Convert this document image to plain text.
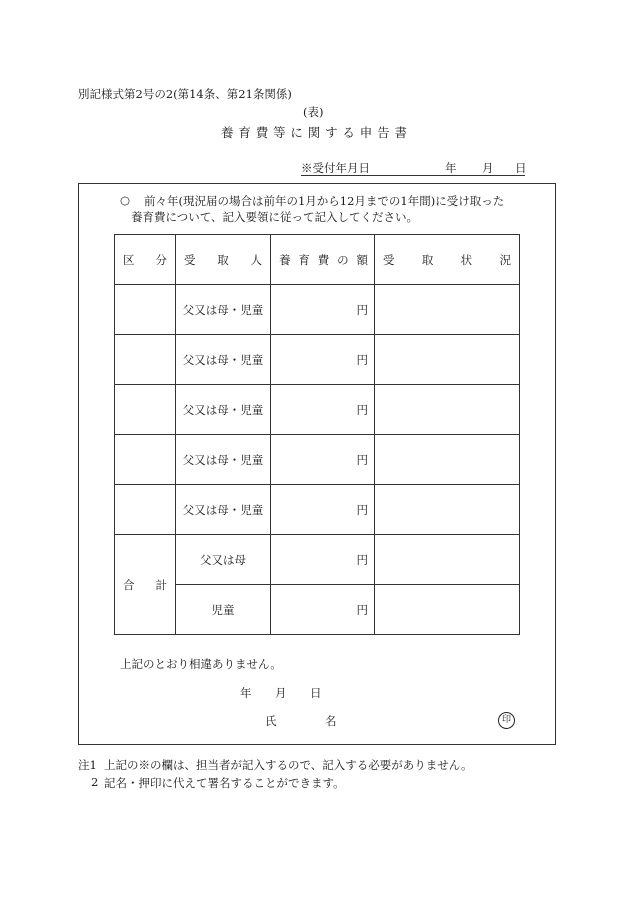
別記様式第2号の2(第14条、第21条関係)
(表)
養 育 費 等 に 関 す る 申 告 書
※受付年月日	年 月 日
○ 前々年(現況届の場合は前年の1月から12月までの1年間)に受け取った
養育費について、記入要領に従って記入してください。
区 分	受 取 人	養 育 費 の 額	受 取 状 況

	父又は母・児童	円	
	父又は母・児童	円	
	父又は母・児童	円	
	父又は母・児童	円	
	父又は母・児童	円	

合 計	父又は母	円	
	児童	円	
上記のとおり相違ありません。
年 月 日
氏	名	印
注1 上記の※の欄は、担当者が記入するので、記入する必要がありません。
2 記名・押印に代えて署名することができます。
